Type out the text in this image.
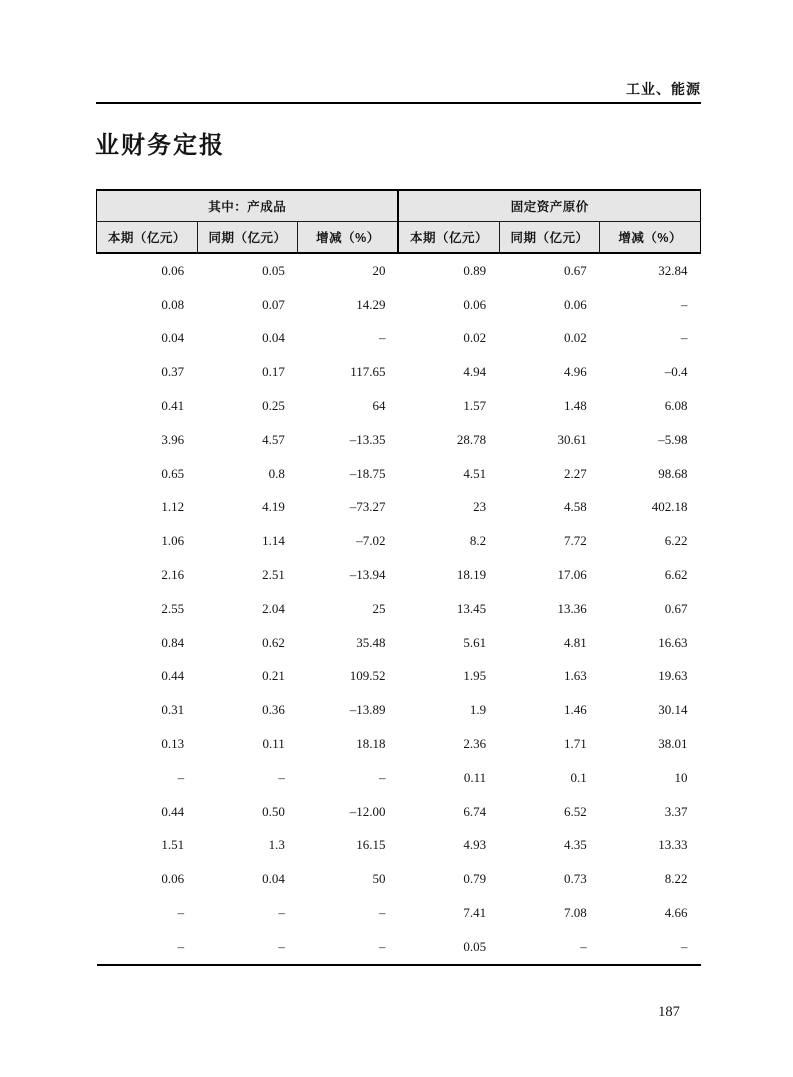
工业、能源
业财务定报
其中：产成品			固定资产原价		
本期（亿元）	同期（亿元）	增减（%）	本期（亿元）	同期（亿元）	增减（%）
0.06	0.05	20	0.89	0.67	32.84
0.08	0.07	14.29	0.06	0.06	–
0.04	0.04	–	0.02	0.02	–
0.37	0.17	117.65	4.94	4.96	–0.4
0.41	0.25	64	1.57	1.48	6.08
3.96	4.57	–13.35	28.78	30.61	–5.98
0.65	0.8	–18.75	4.51	2.27	98.68
1.12	4.19	–73.27	23	4.58	402.18
1.06	1.14	–7.02	8.2	7.72	6.22
2.16	2.51	–13.94	18.19	17.06	6.62
2.55	2.04	25	13.45	13.36	0.67
0.84	0.62	35.48	5.61	4.81	16.63
0.44	0.21	109.52	1.95	1.63	19.63
0.31	0.36	–13.89	1.9	1.46	30.14
0.13	0.11	18.18	2.36	1.71	38.01
–	–	–	0.11	0.1	10
0.44	0.50	–12.00	6.74	6.52	3.37
1.51	1.3	16.15	4.93	4.35	13.33
0.06	0.04	50	0.79	0.73	8.22
–	–	–	7.41	7.08	4.66
–	–	–	0.05	–	–
187
